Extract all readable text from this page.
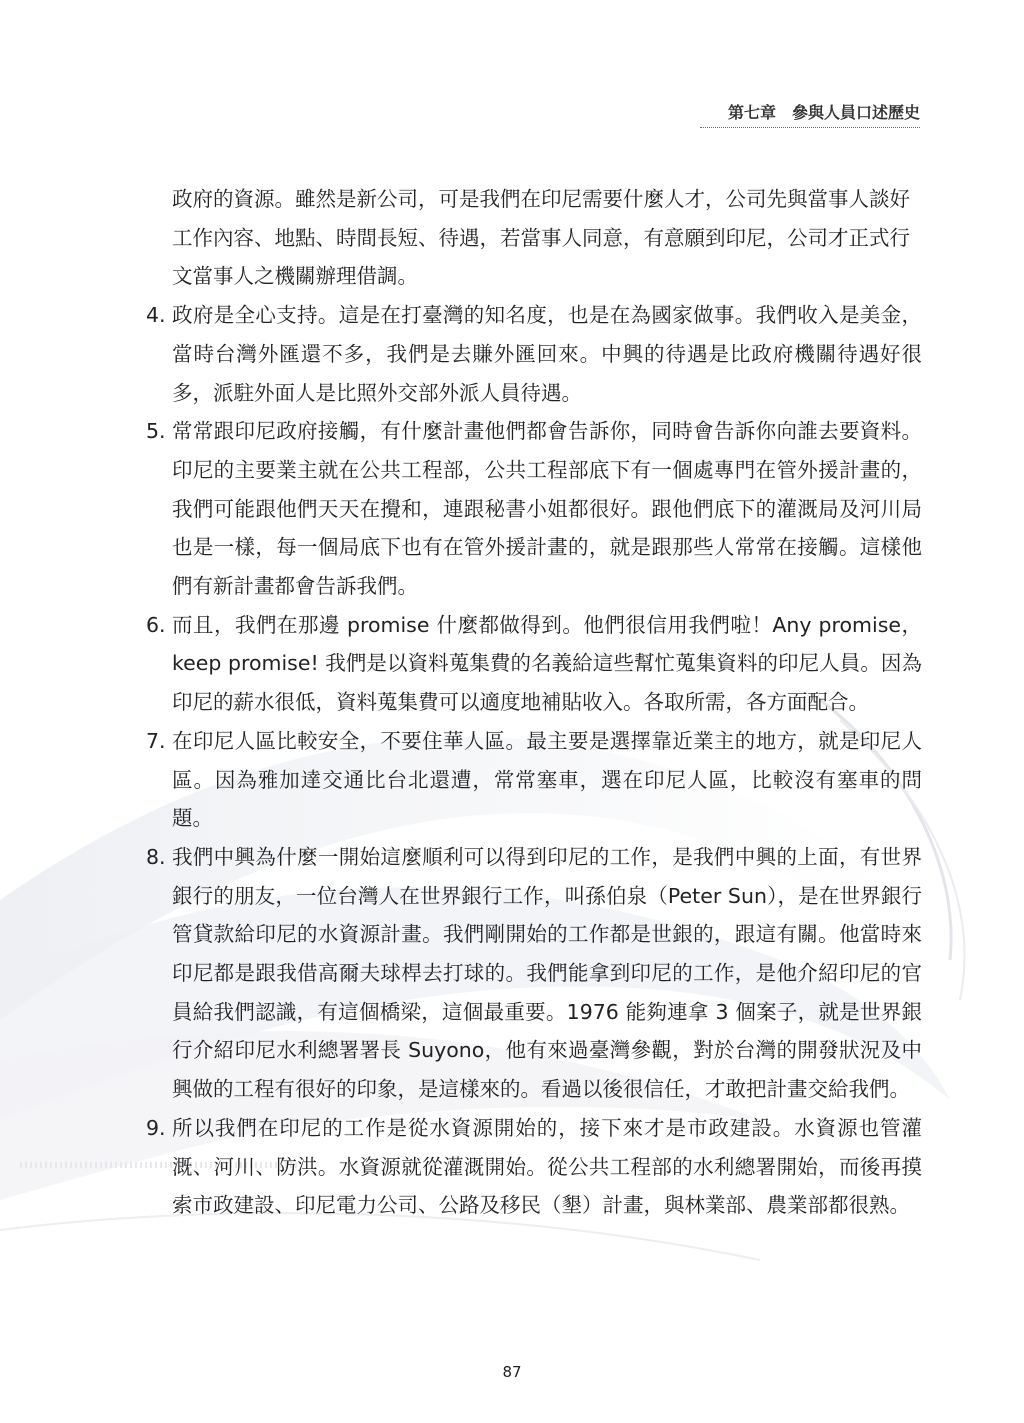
第七章　參與人員口述歷史

政府的資源。雖然是新公司，可是我們在印尼需要什麼人才，公司先與當事人談好工作內容、地點、時間長短、待遇，若當事人同意，有意願到印尼，公司才正式行文當事人之機關辦理借調。

4. 政府是全心支持。這是在打臺灣的知名度，也是在為國家做事。我們收入是美金，當時台灣外匯還不多，我們是去賺外匯回來。中興的待遇是比政府機關待遇好很多，派駐外面人是比照外交部外派人員待遇。
5. 常常跟印尼政府接觸，有什麼計畫他們都會告訴你，同時會告訴你向誰去要資料。印尼的主要業主就在公共工程部，公共工程部底下有一個處專門在管外援計畫的，我們可能跟他們天天在攪和，連跟秘書小姐都很好。跟他們底下的灌溉局及河川局也是一樣，每一個局底下也有在管外援計畫的，就是跟那些人常常在接觸。這樣他們有新計畫都會告訴我們。
6. 而且，我們在那邊 promise 什麼都做得到。他們很信用我們啦！Any promise，keep promise! 我們是以資料蒐集費的名義給這些幫忙蒐集資料的印尼人員。因為印尼的薪水很低，資料蒐集費可以適度地補貼收入。各取所需，各方面配合。
7. 在印尼人區比較安全，不要住華人區。最主要是選擇靠近業主的地方，就是印尼人區。因為雅加達交通比台北還遭，常常塞車，選在印尼人區，比較沒有塞車的問題。
8. 我們中興為什麼一開始這麼順利可以得到印尼的工作，是我們中興的上面，有世界銀行的朋友，一位台灣人在世界銀行工作，叫孫伯泉（Peter Sun），是在世界銀行管貸款給印尼的水資源計畫。我們剛開始的工作都是世銀的，跟這有關。他當時來印尼都是跟我借高爾夫球桿去打球的。我們能拿到印尼的工作，是他介紹印尼的官員給我們認識，有這個橋梁，這個最重要。1976 能夠連拿 3 個案子，就是世界銀行介紹印尼水利總署署長 Suyono，他有來過臺灣參觀，對於台灣的開發狀況及中興做的工程有很好的印象，是這樣來的。看過以後很信任，才敢把計畫交給我們。
9. 所以我們在印尼的工作是從水資源開始的，接下來才是市政建設。水資源也管灌溉、河川、防洪。水資源就從灌溉開始。從公共工程部的水利總署開始，而後再摸索市政建設、印尼電力公司、公路及移民（墾）計畫，與林業部、農業部都很熟。
87
